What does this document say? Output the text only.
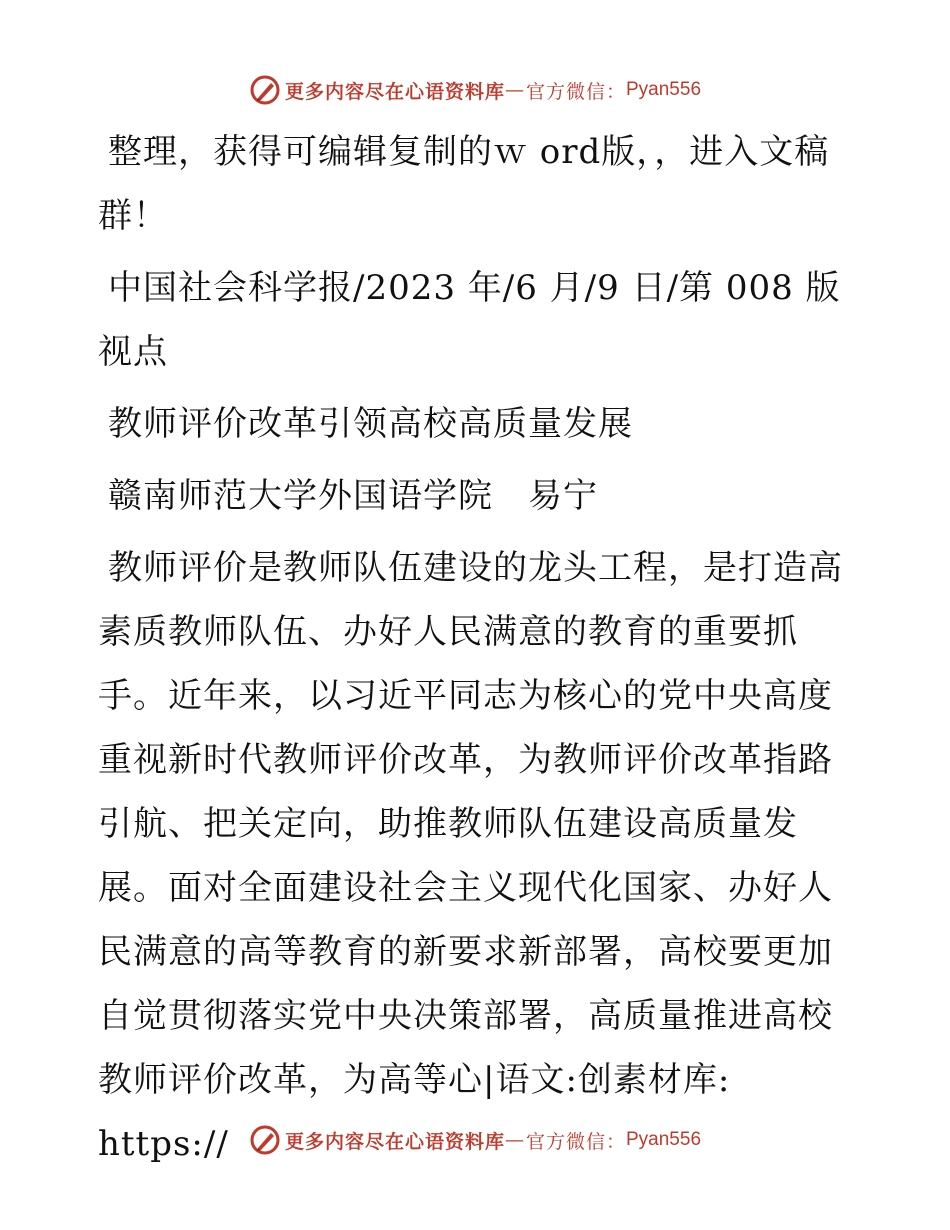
更多内容尽在心语资料库 — 官方微信： Pyan556

整理，获得可编辑复制的ｗ ord版，，进入文稿群！

中国社会科学报/2023 年/6 月/9 日/第 008 版视点

教师评价改革引领高校高质量发展

赣南师范大学外国语学院　易宁

教师评价是教师队伍建设的龙头工程，是打造高素质教师队伍、办好人民满意的教育的重要抓手。近年来，以习近平同志为核心的党中央高度重视新时代教师评价改革，为教师评价改革指路引航、把关定向，助推教师队伍建设高质量发展。面对全面建设社会主义现代化国家、办好人民满意的高等教育的新要求新部署，高校要更加自觉贯彻落实党中央决策部署，高质量推进高校教师评价改革，为高等心|语文:创素材库: https://	更多内容尽在心语资料库 — 官方微信： Pyan556
